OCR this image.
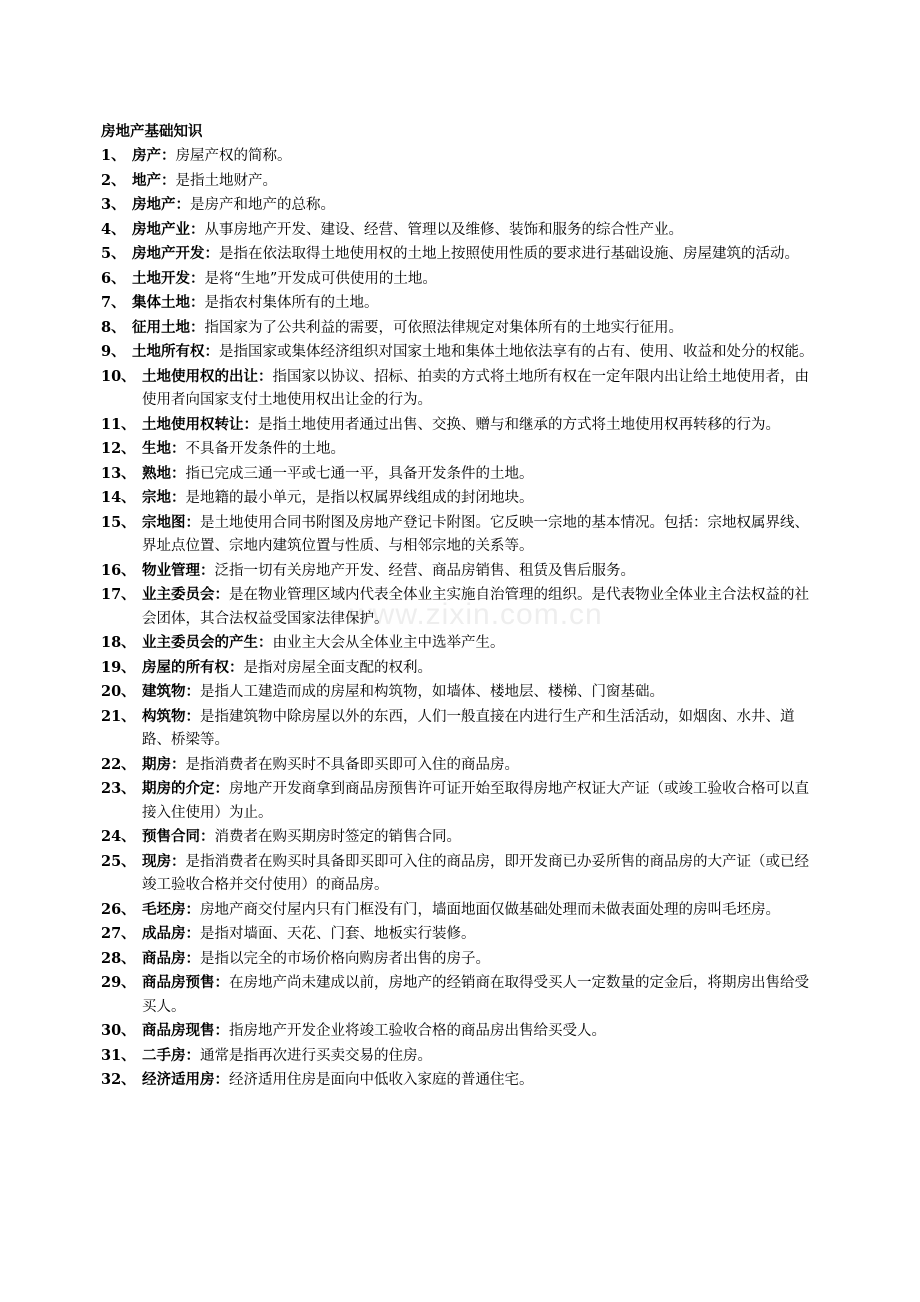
www.zixin.com.cn
房地产基础知识
1、 房产：房屋产权的简称。
2、 地产：是指土地财产。
3、 房地产：是房产和地产的总称。
4、 房地产业：从事房地产开发、建设、经营、管理以及维修、装饰和服务的综合性产业。
5、 房地产开发：是指在依法取得土地使用权的土地上按照使用性质的要求进行基础设施、房屋建筑的活动。
6、 土地开发：是将“生地”开发成可供使用的土地。
7、 集体土地：是指农村集体所有的土地。
8、 征用土地：指国家为了公共利益的需要，可依照法律规定对集体所有的土地实行征用。
9、 土地所有权：是指国家或集体经济组织对国家土地和集体土地依法享有的占有、使用、收益和处分的权能。
10、 土地使用权的出让：指国家以协议、招标、拍卖的方式将土地所有权在一定年限内出让给土地使用者，由使用者向国家支付土地使用权出让金的行为。
11、 土地使用权转让：是指土地使用者通过出售、交换、赠与和继承的方式将土地使用权再转移的行为。
12、 生地：不具备开发条件的土地。
13、 熟地：指已完成三通一平或七通一平，具备开发条件的土地。
14、 宗地：是地籍的最小单元，是指以权属界线组成的封闭地块。
15、 宗地图：是土地使用合同书附图及房地产登记卡附图。它反映一宗地的基本情况。包括：宗地权属界线、界址点位置、宗地内建筑位置与性质、与相邻宗地的关系等。
16、 物业管理：泛指一切有关房地产开发、经营、商品房销售、租赁及售后服务。
17、 业主委员会：是在物业管理区域内代表全体业主实施自治管理的组织。是代表物业全体业主合法权益的社会团体，其合法权益受国家法律保护。
18、 业主委员会的产生：由业主大会从全体业主中选举产生。
19、 房屋的所有权：是指对房屋全面支配的权利。
20、 建筑物：是指人工建造而成的房屋和构筑物，如墙体、楼地层、楼梯、门窗基础。
21、 构筑物：是指建筑物中除房屋以外的东西，人们一般直接在内进行生产和生活活动，如烟囱、水井、道路、桥梁等。
22、 期房：是指消费者在购买时不具备即买即可入住的商品房。
23、 期房的介定：房地产开发商拿到商品房预售许可证开始至取得房地产权证大产证（或竣工验收合格可以直接入住使用）为止。
24、 预售合同：消费者在购买期房时签定的销售合同。
25、 现房：是指消费者在购买时具备即买即可入住的商品房，即开发商已办妥所售的商品房的大产证（或已经竣工验收合格并交付使用）的商品房。
26、 毛坯房：房地产商交付屋内只有门框没有门，墙面地面仅做基础处理而未做表面处理的房叫毛坯房。
27、 成品房：是指对墙面、天花、门套、地板实行装修。
28、 商品房：是指以完全的市场价格向购房者出售的房子。
29、 商品房预售：在房地产尚未建成以前，房地产的经销商在取得受买人一定数量的定金后，将期房出售给受买人。
30、 商品房现售：指房地产开发企业将竣工验收合格的商品房出售给买受人。
31、 二手房：通常是指再次进行买卖交易的住房。
32、 经济适用房：经济适用住房是面向中低收入家庭的普通住宅。
